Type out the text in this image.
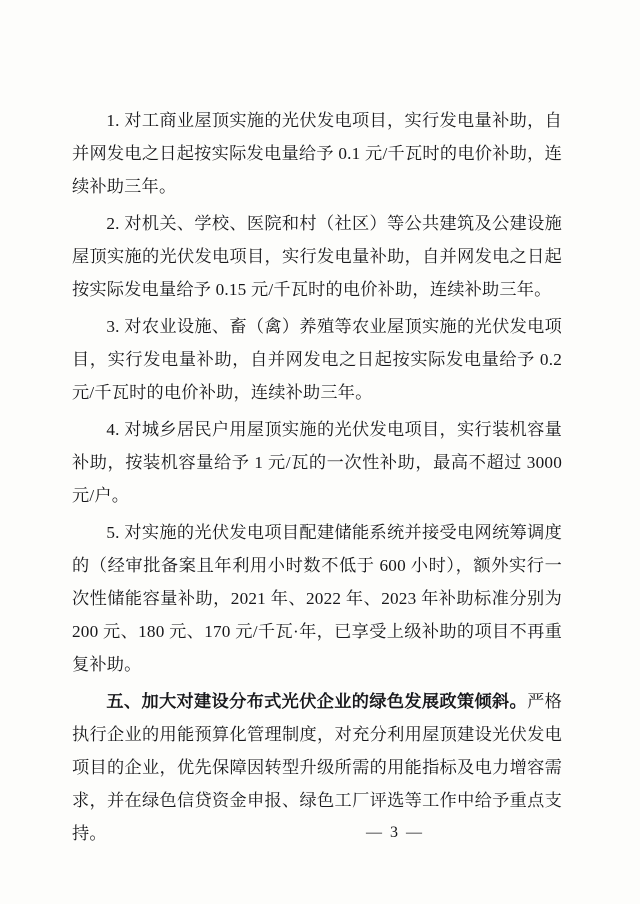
1. 对工商业屋顶实施的光伏发电项目，实行发电量补助，自并网发电之日起按实际发电量给予 0.1 元/千瓦时的电价补助，连续补助三年。

2. 对机关、学校、医院和村（社区）等公共建筑及公建设施屋顶实施的光伏发电项目，实行发电量补助，自并网发电之日起按实际发电量给予 0.15 元/千瓦时的电价补助，连续补助三年。

3. 对农业设施、畜（禽）养殖等农业屋顶实施的光伏发电项目，实行发电量补助，自并网发电之日起按实际发电量给予 0.2 元/千瓦时的电价补助，连续补助三年。

4. 对城乡居民户用屋顶实施的光伏发电项目，实行装机容量补助，按装机容量给予 1 元/瓦的一次性补助，最高不超过 3000 元/户。

5. 对实施的光伏发电项目配建储能系统并接受电网统筹调度的（经审批备案且年利用小时数不低于 600 小时），额外实行一次性储能容量补助，2021 年、2022 年、2023 年补助标准分别为 200 元、180 元、170 元/千瓦·年，已享受上级补助的项目不再重复补助。

五、加大对建设分布式光伏企业的绿色发展政策倾斜。严格执行企业的用能预算化管理制度，对充分利用屋顶建设光伏发电项目的企业，优先保障因转型升级所需的用能指标及电力增容需求，并在绿色信贷资金申报、绿色工厂评选等工作中给予重点支持。	— 3 —
